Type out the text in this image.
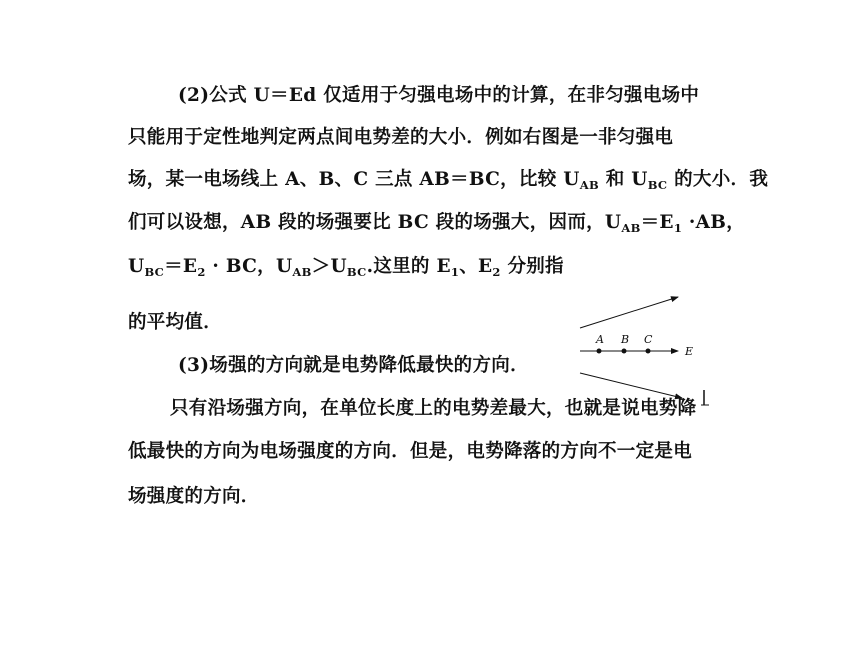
(2)公式 U＝Ed 仅适用于匀强电场中的计算，在非匀强电场中
只能用于定性地判定两点间电势差的大小．例如右图是一非匀强电
场，某一电场线上 A、B、C 三点 AB＝BC，比较 $U_{AB}$ 和 $U_{BC}$ 的大小．我
们可以设想，AB 段的场强要比 BC 段的场强大，因而，$U_{AB}=E_1 \cdot AB$，
$U_{BC}=E_2$ · BC，$U_{AB}>U_{BC}$.这里的 $E_1$、$E_2$ 分别指
的平均值．
(3)场强的方向就是电势降低最快的方向．
只有沿场强方向，在单位长度上的电势差最大，也就是说电势降
低最快的方向为电场强度的方向．但是，电势降落的方向不一定是电
场强度的方向．
A B C
E
